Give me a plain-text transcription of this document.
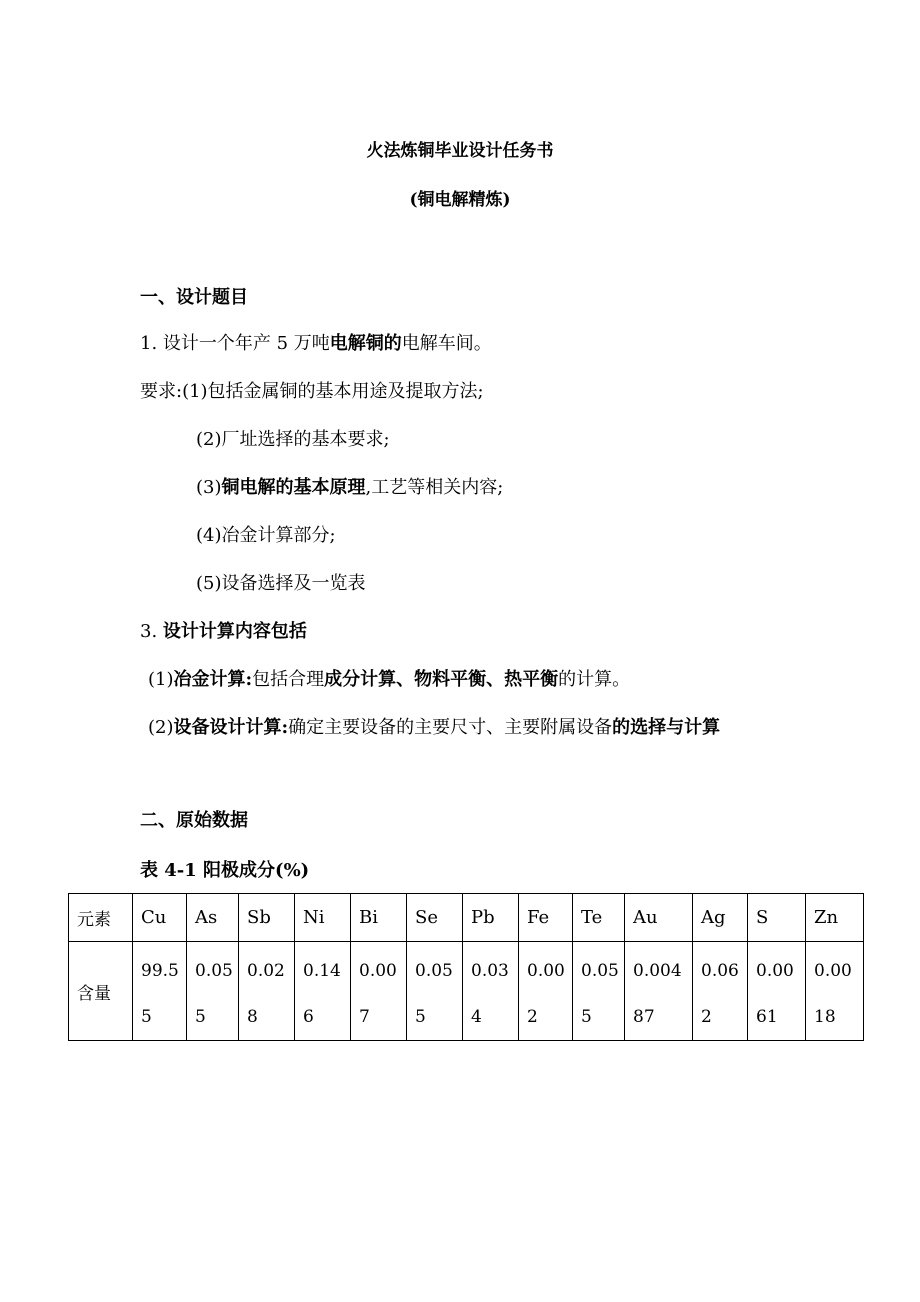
火法炼铜毕业设计任务书
(铜电解精炼)
一、设计题目

1. 设计一个年产 5 万吨电解铜的电解车间。

要求:(1)包括金属铜的基本用途及提取方法;

(2)厂址选择的基本要求;

(3)铜电解的基本原理,工艺等相关内容;

(4)冶金计算部分;

(5)设备选择及一览表

3. 设计计算内容包括

(1)冶金计算:包括合理成分计算、物料平衡、热平衡的计算。

(2)设备设计计算:确定主要设备的主要尺寸、主要附属设备的选择与计算

二、原始数据

表 4-1 阳极成分(%)

元素	Cu	As	Sb	Ni	Bi	Se	Pb	Fe	Te	Au	Ag	S	Zn
含量	99.55	0.055	0.028	0.146	0.007	0.055	0.034	0.002	0.055	0.00487	0.062	0.0061	0.0018
